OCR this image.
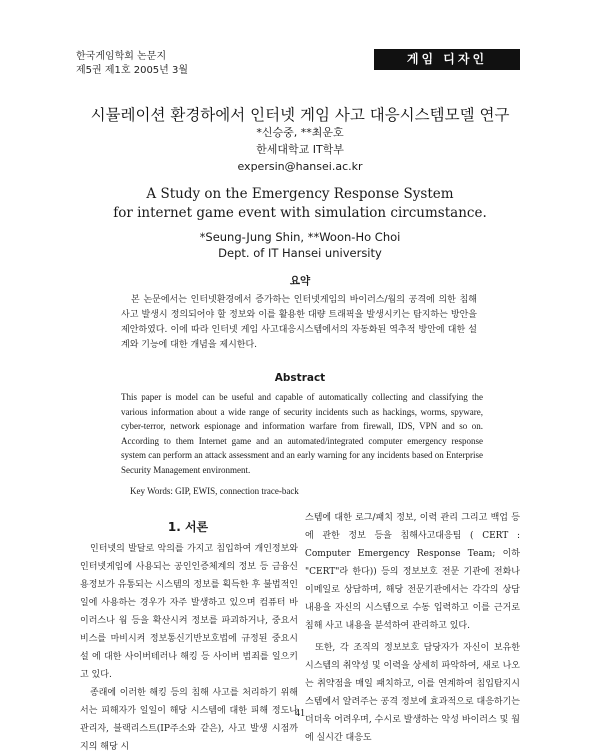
한국게임학회 논문지
제5권 제1호 2005년 3월
게임 디자인
시뮬레이션 환경하에서 인터넷 게임 사고 대응시스템모델 연구
*신승중, **최운호
한세대학교 IT학부
expersin@hansei.ac.kr
A Study on the Emergency Response System
for internet game event with simulation circumstance.
*Seung-Jung Shin, **Woon-Ho Choi
Dept. of IT Hansei university
요약
본 논문에서는 인터넷환경에서 증가하는 인터넷게임의 바이러스/웜의 공격에 의한 침해사고 발생시 정의되어야 할 정보와 이를 활용한 대량 트래픽을 발생시키는 탐지하는 방안을 제안하였다. 이에 따라 인터넷 게임 사고대응시스템에서의 자동화된 역추적 방안에 대한 설계와 기능에 대한 개념을 제시한다.
Abstract
This paper is model can be useful and capable of automatically collecting and classifying the various information about a wide range of security incidents such as hackings, worms, spyware, cyber-terror, network espionage and information warfare from firewall, IDS, VPN and so on. According to them Internet game and an automated/integrated computer emergency response system can perform an attack assessment and an early warning for any incidents based on Enterprise Security Management environment.
Key Words: GIP, EWIS, connection trace-back
1. 서론

인터넷의 발달로 악의를 가지고 침입하여 개인정보와 인터넷게임에 사용되는 공인인증체계의 정보 등 금융신용정보가 유통되는 시스템의 정보를 획득한 후 불법적인 일에 사용하는 경우가 자주 발생하고 있으며 컴퓨터 바이러스나 웜 등을 확산시켜 정보를 파괴하거나, 중요서비스를 마비시켜 정보통신기반보호법에 규정된 중요시설 에 대한 사이버테러나 해킹 등 사이버 범죄를 일으키고 있다.

종래에 이러한 해킹 등의 침해 사고를 처리하기 위해서는 피해자가 일일이 해당 시스템에 대한 피해 정도나 관리자, 블랙리스트(IP주소와 같은), 사고 발생 시점까지의 해당 시

스템에 대한 로그/패치 정보, 이력 관리 그리고 백업 등에 관한 정보 등을 침해사고대응팀 ( CERT : Computer Emergency Response Team; 이하 "CERT"라 한다)) 등의 정보보호 전문 기관에 전화나 이메일로 상담하며, 해당 전문기관에서는 각각의 상담 내용을 자신의 시스템으로 수동 입력하고 이를 근거로 침해 사고 내용을 분석하여 관리하고 있다.

또한, 각 조직의 정보보호 담당자가 자신이 보유한 시스템의 취약성 및 이력을 상세히 파악하여, 새로 나오는 취약점을 매일 패치하고, 이를 연계하여 침입탐지시스템에서 알려주는 공격 정보에 효과적으로 대응하기는 더더욱 어려우며, 수시로 발생하는 악성 바이러스 및 웜에 실시간 대응도

41
